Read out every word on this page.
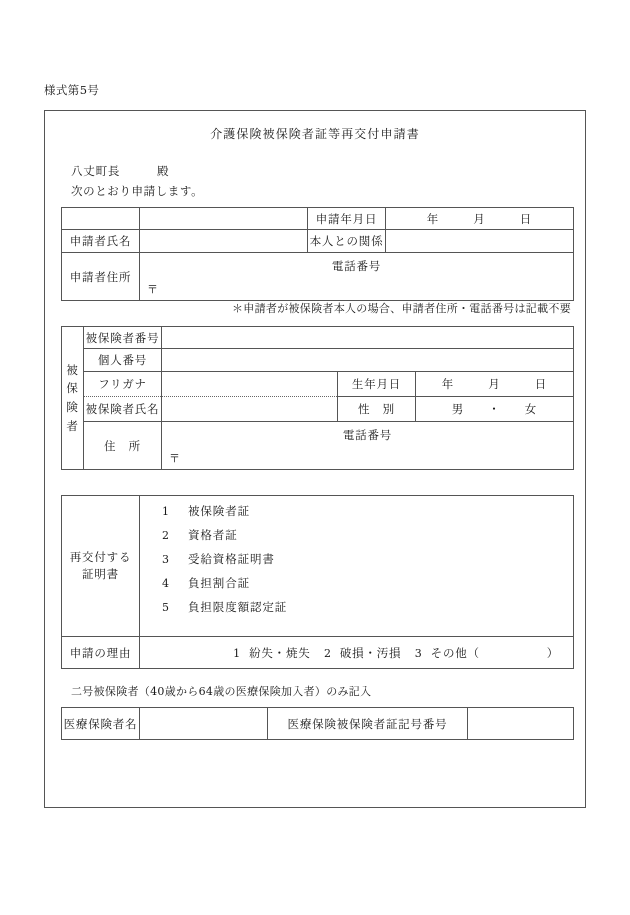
様式第5号
介護保険被保険者証等再交付申請書
八丈町長	殿
次のとおり申請します。
		申請年月日	年 月 日

申請者氏名		本人との関係	
申請者住所	〒
電話番号		
＊申請者が被保険者本人の場合、申請者住所・電話番号は記載不要
被
保
険
者	被保険者番号			

	個人番号			

	フリガナ		生年月日	年 月 日

	被保険者氏名		性　別	男 ・ 女

	住　所	〒
電話番号		
再交付する
証明書

1	被保険者証
2	資格者証
3	受給資格証明書
4	負担割合証
5	負担限度額認定証

申請の理由	1 紛失・焼失 2 破損・汚損 3 その他（ ）
二号被保険者（40歳から64歳の医療保険加入者）のみ記入
医療保険者名		医療保険被保険者証記号番号	
